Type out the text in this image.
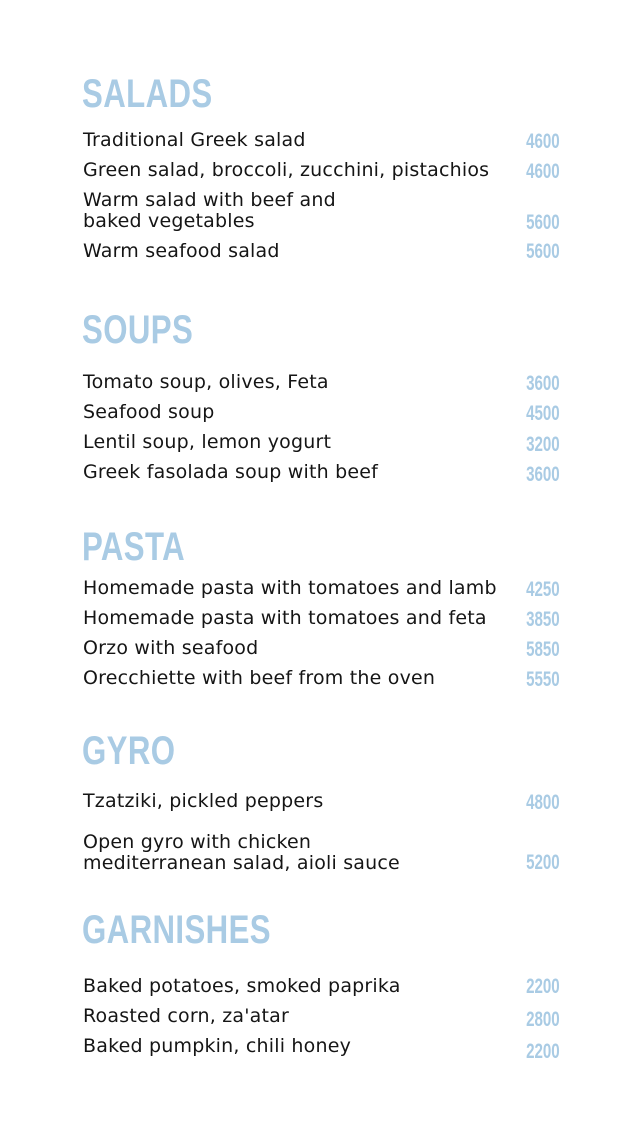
SALADS
Traditional Greek salad	4600
Green salad, broccoli, zucchini, pistachios 4600
Warm salad with beef and
baked vegetables	5600
Warm seafood salad	5600
SOUPS
Tomato soup, olives, Feta	3600
Seafood soup	4500
Lentil soup, lemon yogurt	3200
Greek fasolada soup with beef	3600
PASTA
Homemade pasta with tomatoes and lamb 4250
Homemade pasta with tomatoes and feta 3850
Orzo with seafood	5850
Orecchiette with beef from the oven	5550
GYRO
Tzatziki, pickled peppers	4800
Open gyro with chicken
mediterranean salad, aioli sauce	5200
GARNISHES
Baked potatoes, smoked paprika	2200
Roasted corn, za'atar	2800
Baked pumpkin, chili honey	2200
